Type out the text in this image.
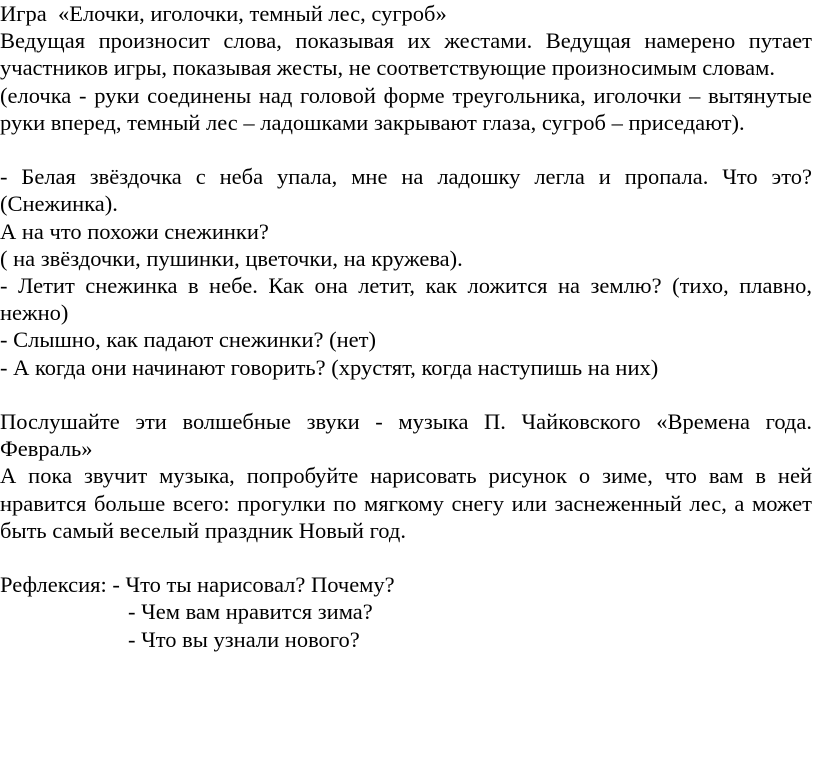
Игра  «Елочки, иголочки, темный лес, сугроб»

Ведущая произносит слова, показывая их жестами. Ведущая намерено путает участников игры, показывая жесты, не соответствующие произносимым словам.

(елочка - руки соединены над головой форме треугольника, иголочки – вытянутые руки вперед, темный лес – ладошками закрывают глаза, сугроб – приседают).

- Белая звёздочка с неба упала, мне на ладошку легла и пропала. Что это? (Снежинка).

А на что похожи снежинки?

( на звёздочки, пушинки, цветочки, на кружева).

- Летит снежинка в небе. Как она летит, как ложится на землю? (тихо, плавно, нежно)

- Слышно, как падают снежинки? (нет)

- А когда они начинают говорить? (хрустят, когда наступишь на них)

Послушайте эти волшебные звуки - музыка П. Чайковского «Времена года. Февраль»

А пока звучит музыка, попробуйте нарисовать рисунок о зиме, что вам в ней нравится больше всего: прогулки по мягкому снегу или заснеженный лес, а может быть самый веселый праздник Новый год.

Рефлексия: - Что ты нарисовал? Почему?

- Чем вам нравится зима?

- Что вы узнали нового?
